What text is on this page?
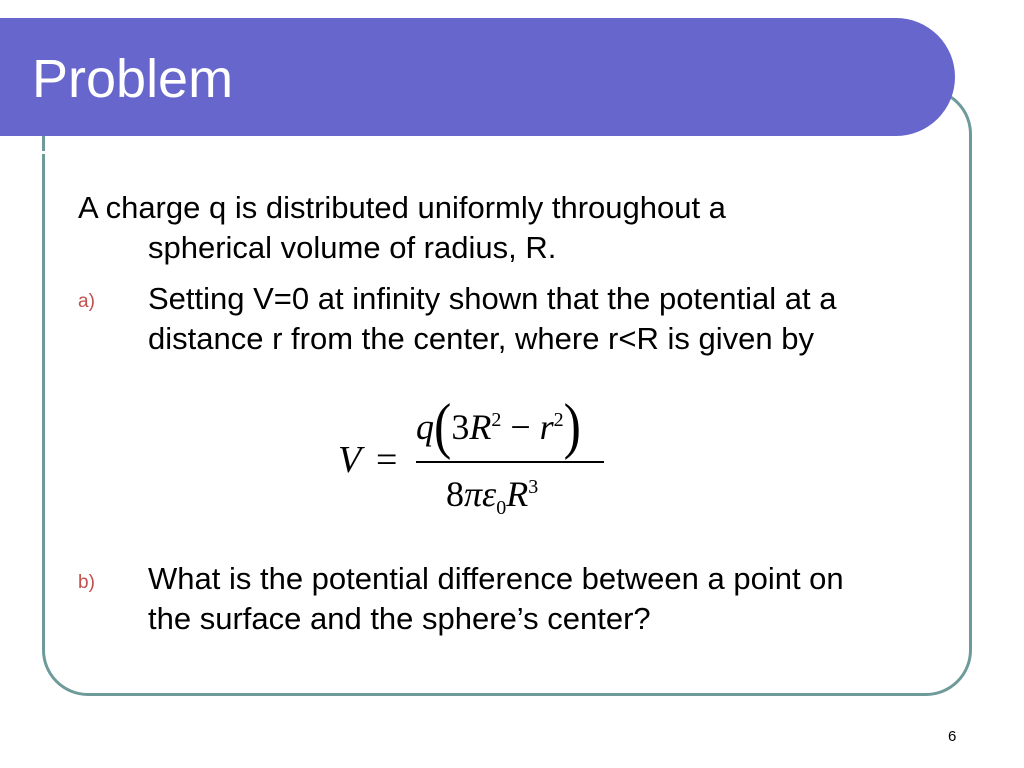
Problem
A charge q is distributed uniformly throughout a
spherical volume of radius, R.
a) Setting V=0 at infinity shown that the potential at a distance r from the center, where r<R is given by
V =
$q(3R^2 - r^2)$
$8\pi\varepsilon_0R^3$
b) What is the potential difference between a point on the surface and the sphere’s center?
6
